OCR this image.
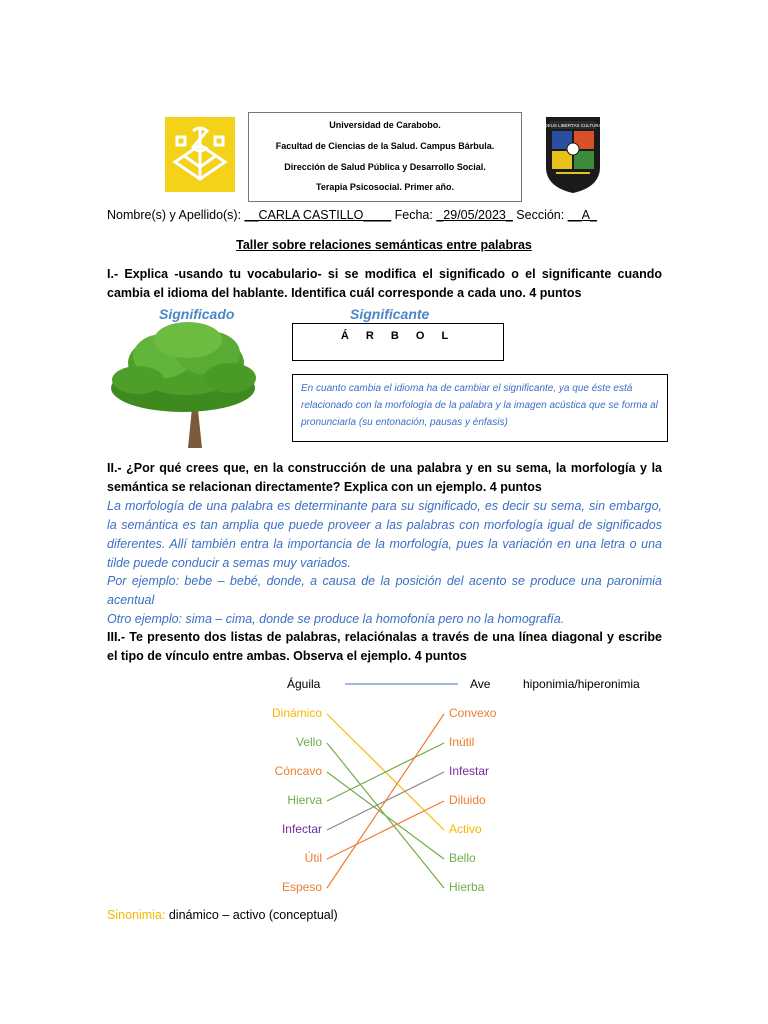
Universidad de Carabobo.
Facultad de Ciencias de la Salud. Campus Bárbula.
Dirección de Salud Pública y Desarrollo Social.
Terapia Psicosocial. Primer año.
DEUS LIBERTAS CULTURA
Nombre(s) y Apellido(s): __CARLA CASTILLO____ Fecha: _29/05/2023_ Sección: __A_
Taller sobre relaciones semánticas entre palabras
I.- Explica -usando tu vocabulario- si se modifica el significado o el significante cuando cambia el idioma del hablante. Identifica cuál corresponde a cada uno. 4 puntos
Significado	Significante
Á R B O L
En cuanto cambia el idioma ha de cambiar el significante, ya que éste está relacionado con la morfología de la palabra y la imagen acústica que se forma al pronunciarla (su entonación, pausas y énfasis)
II.- ¿Por qué crees que, en la construcción de una palabra y en su sema, la morfología y la semántica se relacionan directamente? Explica con un ejemplo. 4 puntos
La morfología de una palabra es determinante para su significado, es decir su sema, sin embargo, la semántica es tan amplia que puede proveer a las palabras con morfología igual de significados diferentes. Allí también entra la importancia de la morfología, pues la variación en una letra o una tilde puede conducir a semas muy variados.
Por ejemplo: bebe – bebé, donde, a causa de la posición del acento se produce una paronimia acentual
Otro ejemplo: sima – cima, donde se produce la homofonía pero no la homografía.
III.- Te presento dos listas de palabras, relaciónalas a través de una línea diagonal y escribe el tipo de vínculo entre ambas. Observa el ejemplo. 4 puntos
Águila	Ave	hiponimia/hiperonimia
Dinámico
Vello
Cóncavo
Hierva
Infectar
Útil
Espeso
Convexo
Inútil
Infestar
Diluido
Activo
Bello
Hierba
Sinonimia: dinámico – activo (conceptual)
